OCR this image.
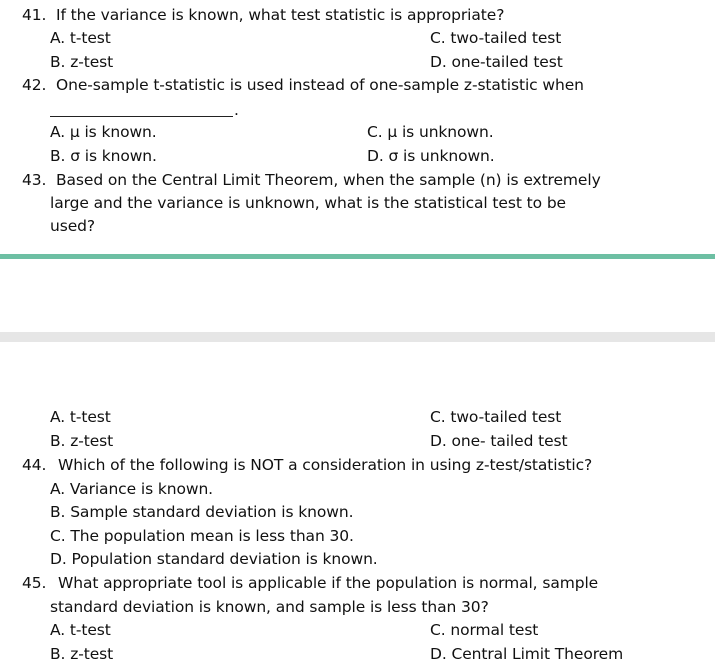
41. If the variance is known, what test statistic is appropriate?
A. t-test	C. two-tailed test
B. z-test	D. one-tailed test
42. One-sample t-statistic is used instead of one-sample z-statistic when
.
A. µ is known.	C. µ is unknown.
B. σ is known.	D. σ is unknown.
43. Based on the Central Limit Theorem, when the sample (n) is extremely
large and the variance is unknown, what is the statistical test to be
used?
A. t-test	C. two-tailed test
B. z-test	D. one- tailed test
44. Which of the following is NOT a consideration in using z-test/statistic?
A. Variance is known.
B. Sample standard deviation is known.
C. The population mean is less than 30.
D. Population standard deviation is known.
45. What appropriate tool is applicable if the population is normal, sample
standard deviation is known, and sample is less than 30?
A. t-test	C. normal test
B. z-test	D. Central Limit Theorem
